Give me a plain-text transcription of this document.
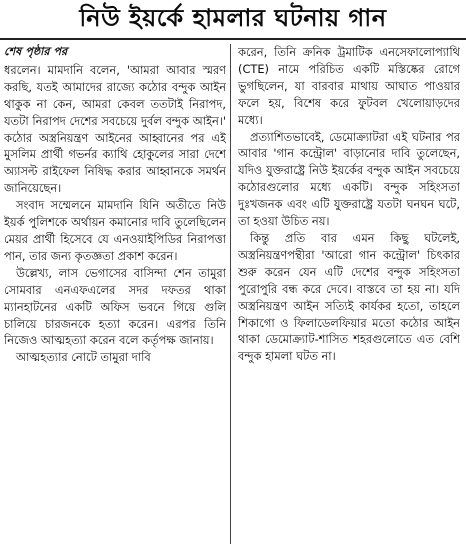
নিউ ইয়র্কে হামলার ঘটনায় গান
শেষ পৃষ্ঠার পর

ধরলেন। মামদানি বলেন, 'আমরা আবার স্মরণ করছি, যতই আমাদের রাজ্যে কঠোর বন্দুক আইন থাকুক না কেন, আমরা কেবল ততটাই নিরাপদ, যতটা নিরাপদ দেশের সবচেয়ে দুর্বল বন্দুক আইন।' কঠোর অস্ত্রনিয়ন্ত্রণ আইনের আহ্বানের পর এই মুসলিম প্রার্থী গভর্নর ক্যাথি হোকুলের সারা দেশে অ্যাসল্ট রাইফেল নিষিদ্ধ করার আহ্বানকে সমর্থন জানিয়েছেন।

সংবাদ সম্মেলনে মামদানি যিনি অতীতে নিউ ইয়র্ক পুলিশকে অর্থায়ন কমানোর দাবি তুলেছিলেন মেয়র প্রার্থী হিসেবে যে এনওয়াইপিডির নিরাপত্তা পান, তার জন্য কৃতজ্ঞতা প্রকাশ করেন।

উল্লেখ্য, লাস ভেগাসের বাসিন্দা শেন তামুরা সোমবার এনএফএলের সদর দফতর থাকা ম্যানহাটনের একটি অফিস ভবনে গিয়ে গুলি চালিয়ে চারজনকে হত্যা করেন। এরপর তিনি নিজেও আত্মহত্যা করেন বলে কর্তৃপক্ষ জানায়।

আত্মহত্যার নোটে তামুরা দাবি

করেন, তিনি ক্রনিক ট্রমাটিক এনসেফালোপ্যাথি (CTE) নামে পরিচিত একটি মস্তিষ্কের রোগে ভুগছিলেন, যা বারবার মাথায় আঘাত পাওয়ার ফলে হয়, বিশেষ করে ফুটবল খেলোয়াড়দের মধ্যে।

প্রত্যাশিতভাবেই, ডেমোক্র্যাটরা এই ঘটনার পর আবার 'গান কন্ট্রোল' বাড়ানোর দাবি তুলেছেন, যদিও যুক্তরাষ্ট্রে নিউ ইয়র্কের বন্দুক আইন সবচেয়ে কঠোরগুলোর মধ্যে একটি। বন্দুক সহিংসতা দুঃখজনক এবং এটি যুক্তরাষ্ট্রে যতটা ঘনঘন ঘটে, তা হওয়া উচিত নয়।

কিন্তু প্রতি বার এমন কিছু ঘটলেই, অস্ত্রনিয়ন্ত্রণপন্থীরা 'আরো গান কন্ট্রোল' চিৎকার শুরু করেন যেন এটি দেশের বন্দুক সহিংসতা পুরোপুরি বন্ধ করে দেবে। বাস্তবে তা হয় না। যদি অস্ত্রনিয়ন্ত্রণ আইন সত্যিই কার্যকর হতো, তাহলে শিকাগো ও ফিলাডেলফিয়ার মতো কঠোর আইন থাকা ডেমোক্র্যাট-শাসিত শহরগুলোতে এত বেশি বন্দুক হামলা ঘটত না।
